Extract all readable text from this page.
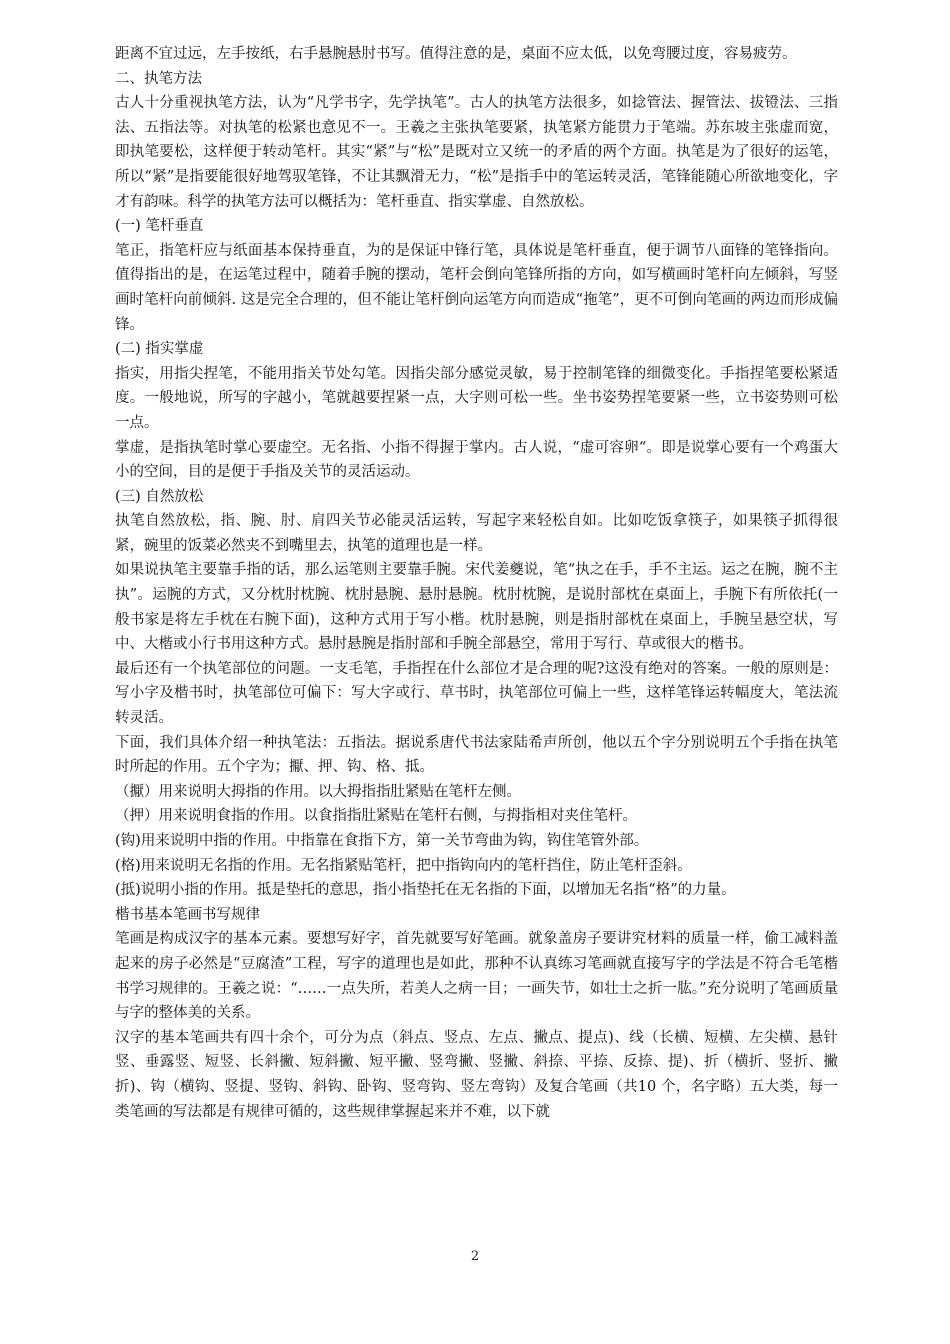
距离不宜过远，左手按纸，右手悬腕悬肘书写。值得注意的是，桌面不应太低，以免弯腰过度，容易疲劳。

二、执笔方法

古人十分重视执笔方法，认为“凡学书字，先学执笔”。古人的执笔方法很多，如捻管法、握管法、拔镫法、三指法、五指法等。对执笔的松紧也意见不一。王羲之主张执笔要紧，执笔紧方能贯力于笔端。苏东坡主张虚而宽，即执笔要松，这样便于转动笔杆。其实“紧”与“松”是既对立又统一的矛盾的两个方面。执笔是为了很好的运笔，所以“紧”是指要能很好地驾驭笔锋，不让其飘滑无力，“松”是指手中的笔运转灵活，笔锋能随心所欲地变化，字才有韵味。科学的执笔方法可以概括为：笔杆垂直、指实掌虚、自然放松。

(一) 笔杆垂直

笔正，指笔杆应与纸面基本保持垂直，为的是保证中锋行笔，具体说是笔杆垂直，便于调节八面锋的笔锋指向。值得指出的是，在运笔过程中，随着手腕的摆动，笔杆会倒向笔锋所指的方向，如写横画时笔杆向左倾斜，写竖画时笔杆向前倾斜. 这是完全合理的，但不能让笔杆倒向运笔方向而造成“拖笔”，更不可倒向笔画的两边而形成偏锋。

(二) 指实掌虚

指实，用指尖捏笔，不能用指关节处勾笔。因指尖部分感觉灵敏，易于控制笔锋的细微变化。手指捏笔要松紧适度。一般地说，所写的字越小，笔就越要捏紧一点，大字则可松一些。坐书姿势捏笔要紧一些，立书姿势则可松一点。

掌虚，是指执笔时掌心要虚空。无名指、小指不得握于掌内。古人说，“虚可容卵“。即是说掌心要有一个鸡蛋大小的空间，目的是便于手指及关节的灵活运动。

(三) 自然放松

执笔自然放松，指、腕、肘、肩四关节必能灵活运转，写起字来轻松自如。比如吃饭拿筷子，如果筷子抓得很紧，碗里的饭菜必然夹不到嘴里去，执笔的道理也是一样。

如果说执笔主要靠手指的话，那么运笔则主要靠手腕。宋代姜夔说，笔“执之在手，手不主运。运之在腕，腕不主执”。运腕的方式，又分枕肘枕腕、枕肘悬腕、悬肘悬腕。枕肘枕腕，是说肘部枕在桌面上，手腕下有所依托(一般书家是将左手枕在右腕下面)，这种方式用于写小楷。枕肘悬腕，则是指肘部枕在桌面上，手腕呈悬空状，写中、大楷或小行书用这种方式。悬肘悬腕是指肘部和手腕全部悬空，常用于写行、草或很大的楷书。

最后还有一个执笔部位的问题。一支毛笔，手指捏在什么部位才是合理的呢?这没有绝对的答案。一般的原则是：写小字及楷书时，执笔部位可偏下：写大字或行、草书时，执笔部位可偏上一些，这样笔锋运转幅度大，笔法流转灵活。

下面，我们具体介绍一种执笔法：五指法。据说系唐代书法家陆希声所创，他以五个字分别说明五个手指在执笔时所起的作用。五个字为；擫、押、钩、格、抵。

（擫）用来说明大拇指的作用。以大拇指指肚紧贴在笔杆左侧。

（押）用来说明食指的作用。以食指指肚紧贴在笔杆右侧，与拇指相对夹住笔杆。

(钩)用来说明中指的作用。中指靠在食指下方，第一关节弯曲为钩，钩住笔管外部。

(格)用来说明无名指的作用。无名指紧贴笔杆，把中指钩向内的笔杆挡住，防止笔杆歪斜。

(抵)说明小指的作用。抵是垫托的意思，指小指垫托在无名指的下面，以增加无名指“格”的力量。

楷书基本笔画书写规律

笔画是构成汉字的基本元素。要想写好字，首先就要写好笔画。就象盖房子要讲究材料的质量一样，偷工减料盖起来的房子必然是“豆腐渣”工程，写字的道理也是如此，那种不认真练习笔画就直接写字的学法是不符合毛笔楷书学习规律的。王羲之说：“……一点失所，若美人之病一目；一画失节，如壮士之折一肱。”充分说明了笔画质量与字的整体美的关系。

汉字的基本笔画共有四十余个，可分为点（斜点、竖点、左点、撇点、提点)、线（长横、短横、左尖横、悬针竖、垂露竖、短竖、长斜撇、短斜撇、短平撇、竖弯撇、竖撇、斜捺、平捺、反捺、提)、折（横折、竖折、撇折)、钩（横钩、竖提、竖钩、斜钩、卧钩、竖弯钩、竖左弯钩）及复合笔画（共10 个，名字略）五大类，每一类笔画的写法都是有规律可循的，这些规律掌握起来并不难，以下就

2
